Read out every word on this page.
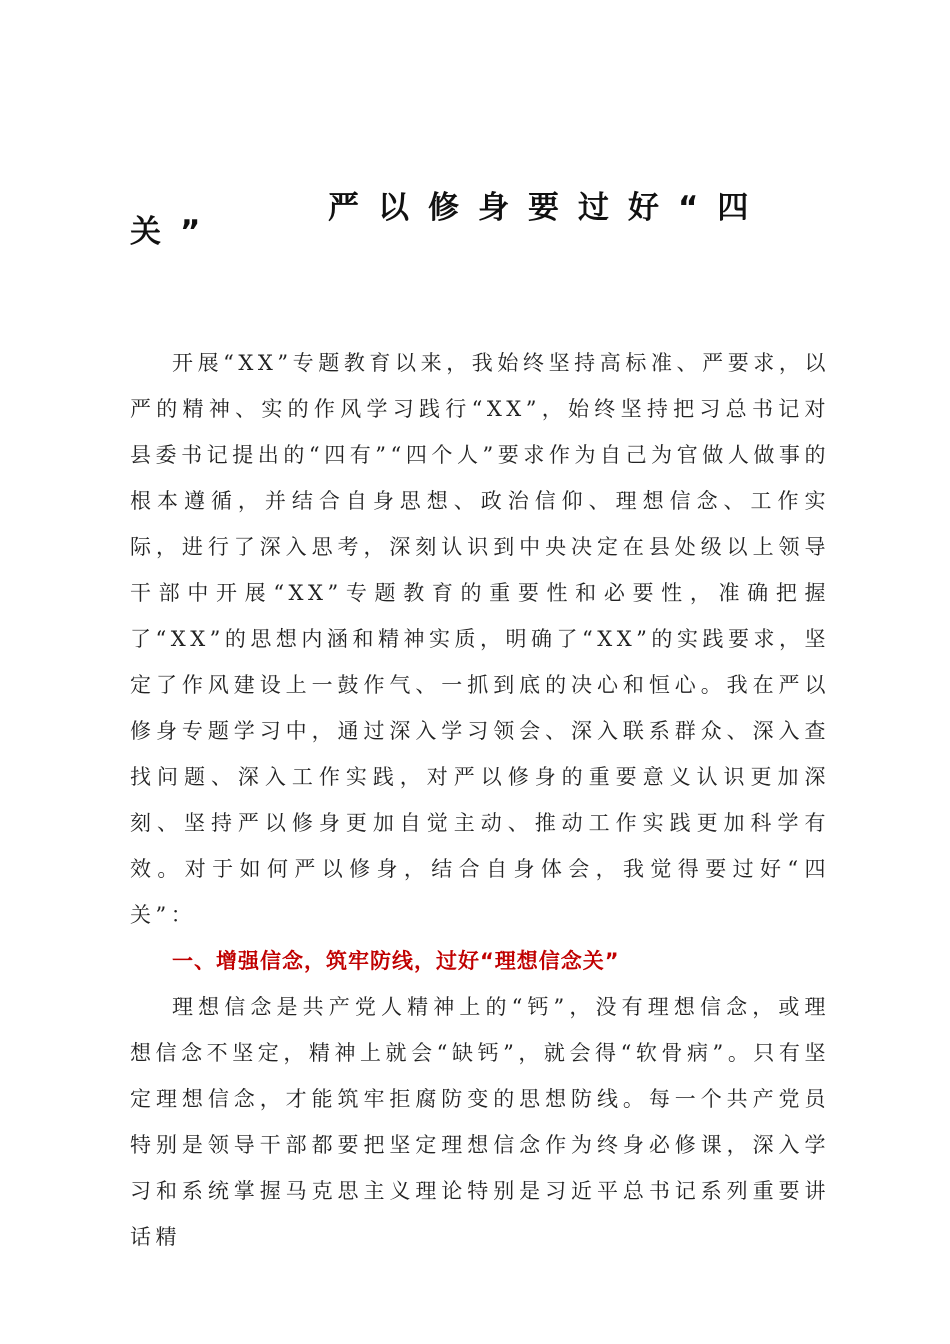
严以修身要过好“四
关”

开展“XX”专题教育以来，我始终坚持高标准、严要求，以严的精神、实的作风学习践行“XX”，始终坚持把习总书记对县委书记提出的“四有”“四个人”要求作为自己为官做人做事的根本遵循，并结合自身思想、政治信仰、理想信念、工作实际，进行了深入思考，深刻认识到中央决定在县处级以上领导干部中开展“XX”专题教育的重要性和必要性，准确把握了“XX”的思想内涵和精神实质，明确了“XX”的实践要求，坚定了作风建设上一鼓作气、一抓到底的决心和恒心。我在严以修身专题学习中，通过深入学习领会、深入联系群众、深入查找问题、深入工作实践，对严以修身的重要意义认识更加深刻、坚持严以修身更加自觉主动、推动工作实践更加科学有效。对于如何严以修身，结合自身体会，我觉得要过好“四关”：

一、增强信念，筑牢防线，过好“理想信念关”

理想信念是共产党人精神上的“钙”，没有理想信念，或理想信念不坚定，精神上就会“缺钙”，就会得“软骨病”。只有坚定理想信念，才能筑牢拒腐防变的思想防线。每一个共产党员特别是领导干部都要把坚定理想信念作为终身必修课，深入学习和系统掌握马克思主义理论特别是习近平总书记系列重要讲话精
